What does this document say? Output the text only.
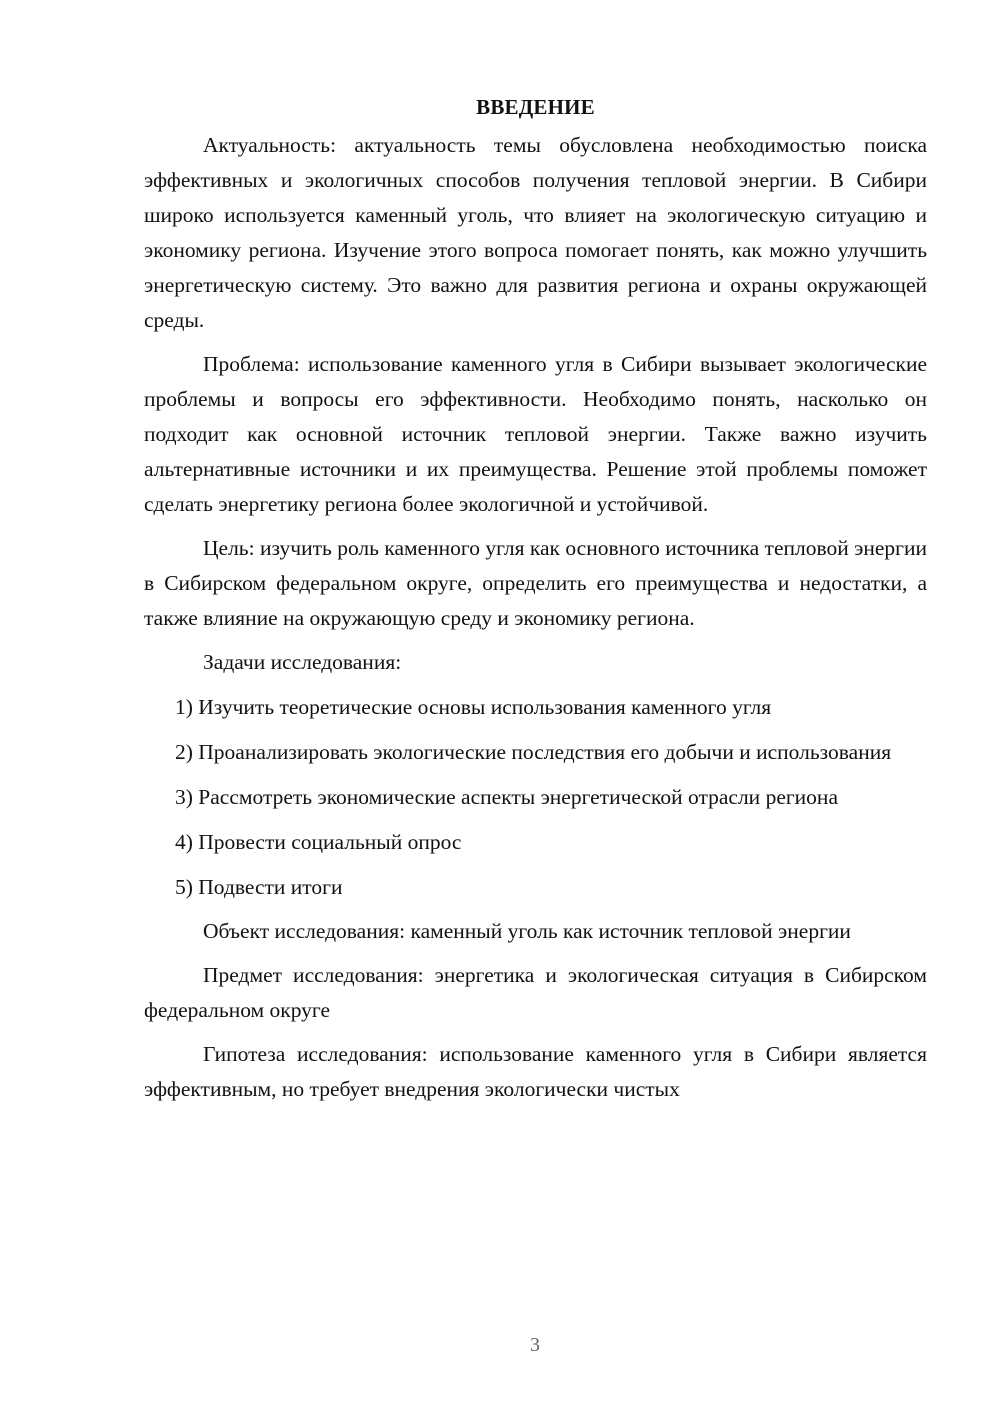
ВВЕДЕНИЕ

Актуальность: актуальность темы обусловлена необходимостью поиска эффективных и экологичных способов получения тепловой энергии. В Сибири широко используется каменный уголь, что влияет на экологическую ситуацию и экономику региона. Изучение этого вопроса помогает понять, как можно улучшить энергетическую систему. Это важно для развития региона и охраны окружающей среды.

Проблема: использование каменного угля в Сибири вызывает экологические проблемы и вопросы его эффективности. Необходимо понять, насколько он подходит как основной источник тепловой энергии. Также важно изучить альтернативные источники и их преимущества. Решение этой проблемы поможет сделать энергетику региона более экологичной и устойчивой.

Цель: изучить роль каменного угля как основного источника тепловой энергии в Сибирском федеральном округе, определить его преимущества и недостатки, а также влияние на окружающую среду и экономику региона.

Задачи исследования:

1) Изучить теоретические основы использования каменного угля

2) Проанализировать экологические последствия его добычи и использования

3) Рассмотреть экономические аспекты энергетической отрасли региона

4) Провести социальный опрос

5) Подвести итоги

Объект исследования: каменный уголь как источник тепловой энергии

Предмет исследования: энергетика и экологическая ситуация в Сибирском федеральном округе

Гипотеза исследования: использование каменного угля в Сибири является эффективным, но требует внедрения экологически чистых

3
